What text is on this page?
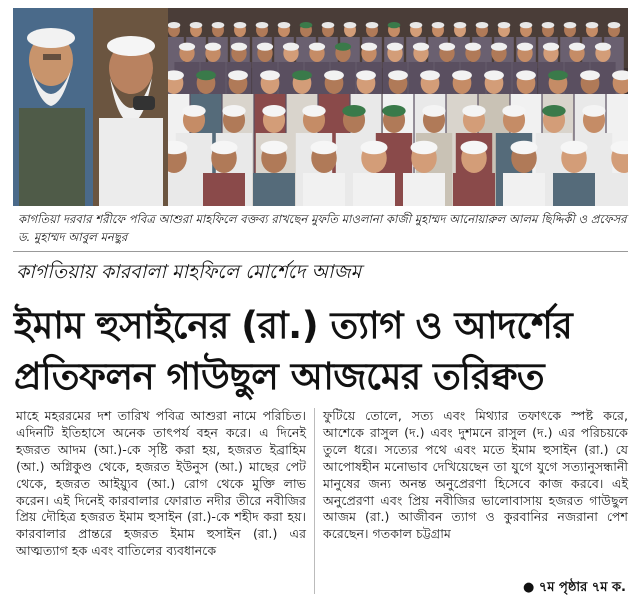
কাগতিয়া দরবার শরীফে পবিত্র আশুরা মাহফিলে বক্তব্য রাখছেন মুফতি মাওলানা কাজী মুহাম্মদ আনোয়ারুল আলম ছিদ্দিকী ও প্রফেসর ড. মুহাম্মদ আবুল মনছুর
কাগতিয়ায় কারবালা মাহফিলে মোর্শেদে আজম
ইমাম হুসাইনের (রা.) ত্যাগ ও আদর্শের
প্রতিফলন গাউছুল আজমের তরিক্বত
মাহে মহররমের দশ তারিখ পবিত্র আশুরা নামে পরিচিত। এদিনটি ইতিহাসে অনেক তাৎপর্য বহন করে। এ দিনেই হজরত আদম (আ.)-কে সৃষ্টি করা হয়, হজরত ইব্রাহিম (আ.) অগ্নিকুণ্ড থেকে, হজরত ইউনুস (আ.) মাছের পেট থেকে, হজরত আইয়্যুব (আ.) রোগ থেকে মুক্তি লাভ করেন। এই দিনেই কারবালার ফোরাত নদীর তীরে নবীজির প্রিয় দৌহিত্র হজরত ইমাম হুসাইন (রা.)-কে শহীদ করা হয়। কারবালার প্রান্তরে হজরত ইমাম হুসাইন (রা.) এর আত্মত্যাগ হক এবং বাতিলের ব্যবধানকে
ফুটিয়ে তোলে, সত্য এবং মিথ্যার তফাৎকে স্পষ্ট করে, আশেকে রাসুল (দ.) এবং দুশমনে রাসুল (দ.) এর পরিচয়কে তুলে ধরে। সত্যের পথে এবং মতে ইমাম হুসাইন (রা.) যে আপোষহীন মনোভাব দেখিয়েছেন তা যুগে যুগে সত্যানুসন্ধানী মানুষের জন্য অনন্ত অনুপ্রেরণা হিসেবে কাজ করবে। এই অনুপ্রেরণা এবং প্রিয় নবীজির ভালোবাসায় হজরত গাউছুল আজম (রা.) আজীবন ত্যাগ ও কুরবানির নজরানা পেশ করেছেন। গতকাল চট্টগ্রাম
● ৭ম পৃষ্ঠার ৭ম ক.
